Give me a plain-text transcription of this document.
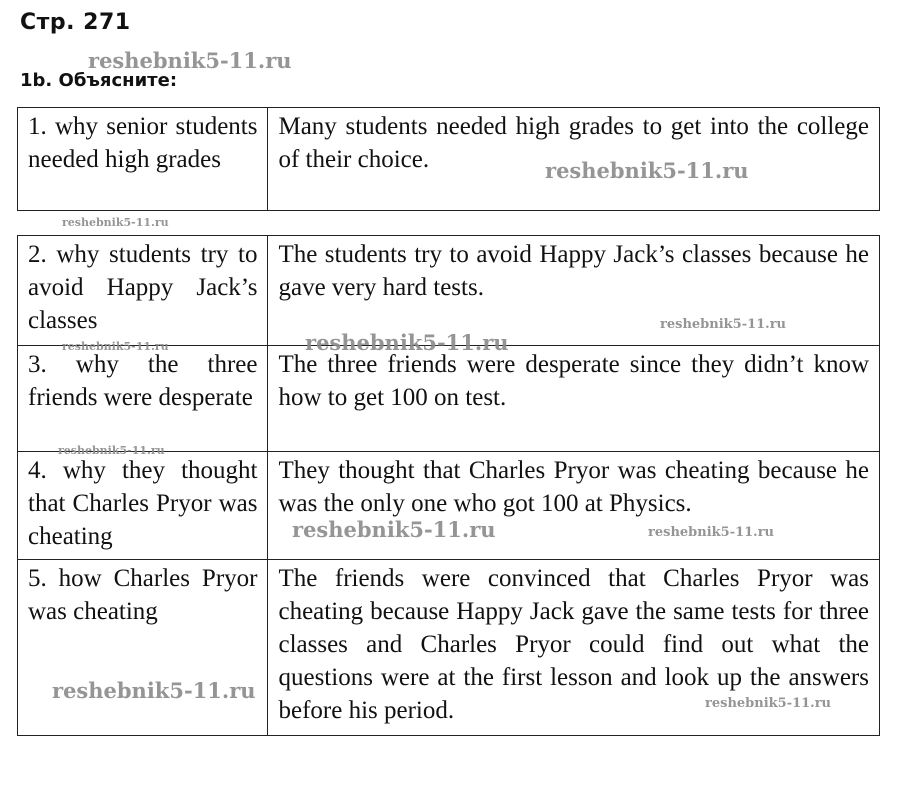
Стр. 271
1b. Объясните:
1. why senior students needed high grades	Many students needed high grades to get into the college of their choice.
2. why students try to avoid Happy Jack’s classes	The students try to avoid Happy Jack’s classes because he gave very hard tests.
3. why the three friends were desperate	The three friends were desperate since they didn’t know how to get 100 on test.
4. why they thought that Charles Pryor was cheating	They thought that Charles Pryor was cheating because he was the only one who got 100 at Physics.
5. how Charles Pryor was cheating	The friends were convinced that Charles Pryor was cheating because Happy Jack gave the same tests for three classes and Charles Pryor could find out what the questions were at the first lesson and look up the answers before his period.
reshebnik5-11.ru
reshebnik5-11.ru
reshebnik5-11.ru
reshebnik5-11.ru
reshebnik5-11.ru
reshebnik5-11.ru
reshebnik5-11.ru
reshebnik5-11.ru	reshebnik5-11.ru
reshebnik5-11.ru
reshebnik5-11.ru
